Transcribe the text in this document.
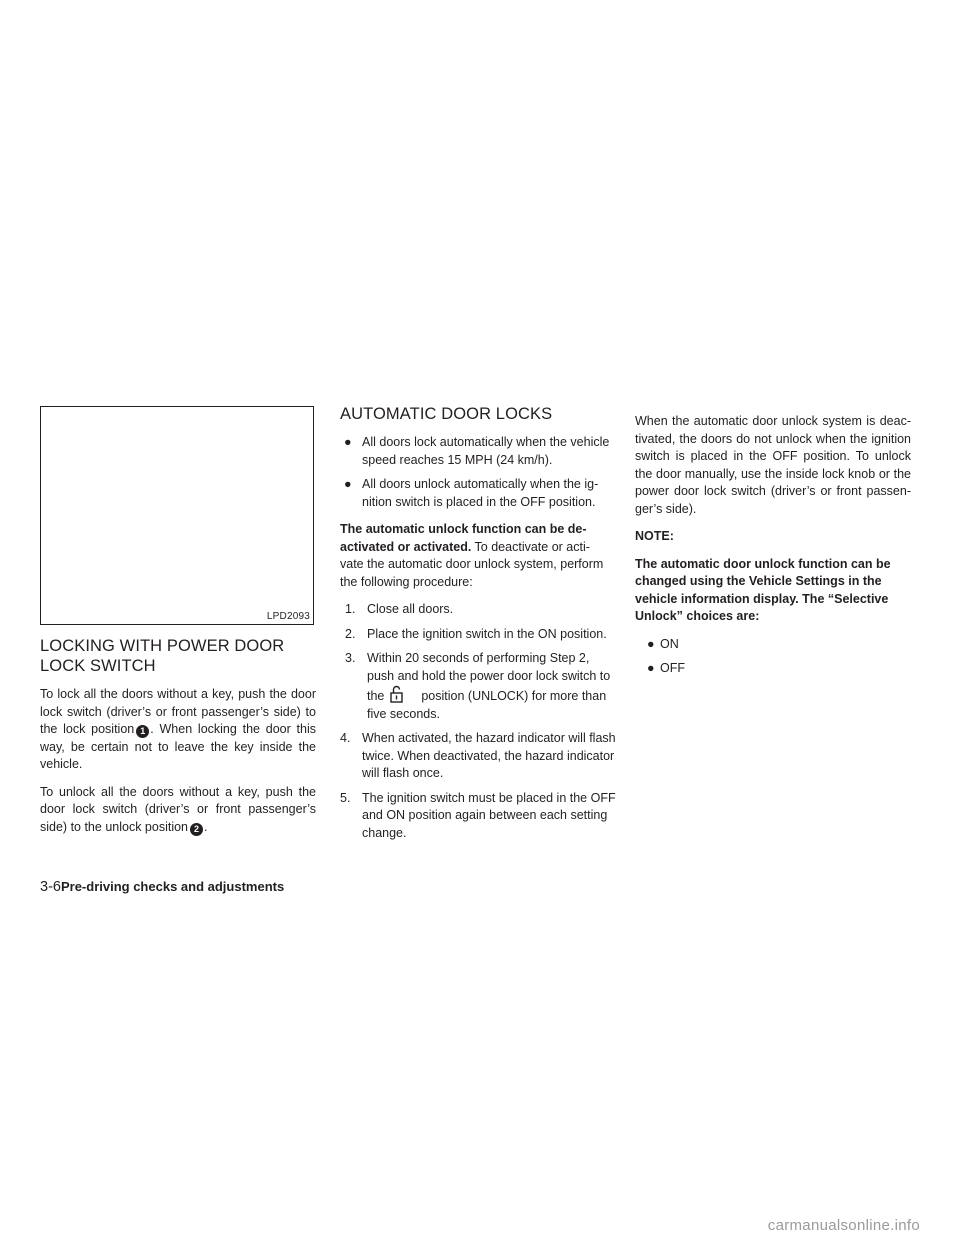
LPD2093
LOCKING WITH POWER DOOR
LOCK SWITCH

To lock all the doors without a key, push the door lock switch (driver’s or front passenger’s side) to the lock position 1 . When locking the door this way, be certain not to leave the key inside the vehicle.

To unlock all the doors without a key, push the door lock switch (driver’s or front passenger’s side) to the unlock position 2 .

AUTOMATIC DOOR LOCKS
● All doors lock automatically when the vehicle speed reaches 15 MPH (24 km/h).
● All doors unlock automatically when the ig- nition switch is placed in the OFF position.

The automatic unlock function can be de- activated or activated. To deactivate or acti- vate the automatic door unlock system, perform the following procedure:

1. Close all doors.
2. Place the ignition switch in the ON position.
3. Within 20 seconds of performing Step 2, push and hold the power door lock switch to the	position (UNLOCK) for more than five seconds.
4. When activated, the hazard indicator will flash twice. When deactivated, the hazard indicator will flash once.
5. The ignition switch must be placed in the OFF and ON position again between each setting change.

When the automatic door unlock system is deac- tivated, the doors do not unlock when the ignition switch is placed in the OFF position. To unlock the door manually, use the inside lock knob or the power door lock switch (driver’s or front passen- ger’s side).

NOTE:

The automatic door unlock function can be changed using the Vehicle Settings in the vehicle information display. The “Selective Unlock” choices are:

● ON
● OFF
3-6Pre-driving checks and adjustments
carmanualsonline.info
